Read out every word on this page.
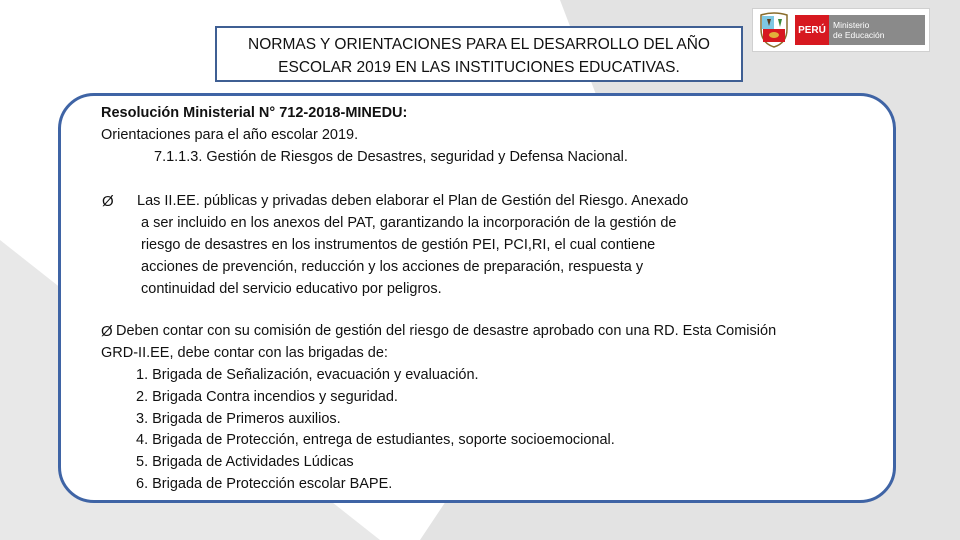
NORMAS Y ORIENTACIONES PARA EL DESARROLLO DEL AÑO
ESCOLAR 2019 EN LAS INSTITUCIONES EDUCATIVAS.
PERÚ Ministerio
de Educación
Resolución Ministerial N° 712-2018-MINEDU:
Orientaciones para el año escolar 2019.
7.1.1.3. Gestión de Riesgos de Desastres, seguridad y Defensa Nacional.
Ø Las II.EE. públicas y privadas deben elaborar el Plan de Gestión del Riesgo. Anexado
a ser incluido en los anexos del PAT, garantizando la incorporación de la gestión de
riesgo de desastres en los instrumentos de gestión PEI, PCI,RI, el cual contiene
acciones de prevención, reducción y los acciones de preparación, respuesta y
continuidad del servicio educativo por peligros.
Ø Deben contar con su comisión de gestión del riesgo de desastre aprobado con una RD. Esta Comisión
GRD-II.EE, debe contar con las brigadas de:
1. Brigada de Señalización, evacuación y evaluación.
2. Brigada Contra incendios y seguridad.
3. Brigada de Primeros auxilios.
4. Brigada de Protección, entrega de estudiantes, soporte socioemocional.
5. Brigada de Actividades Lúdicas
6. Brigada de Protección escolar BAPE.
